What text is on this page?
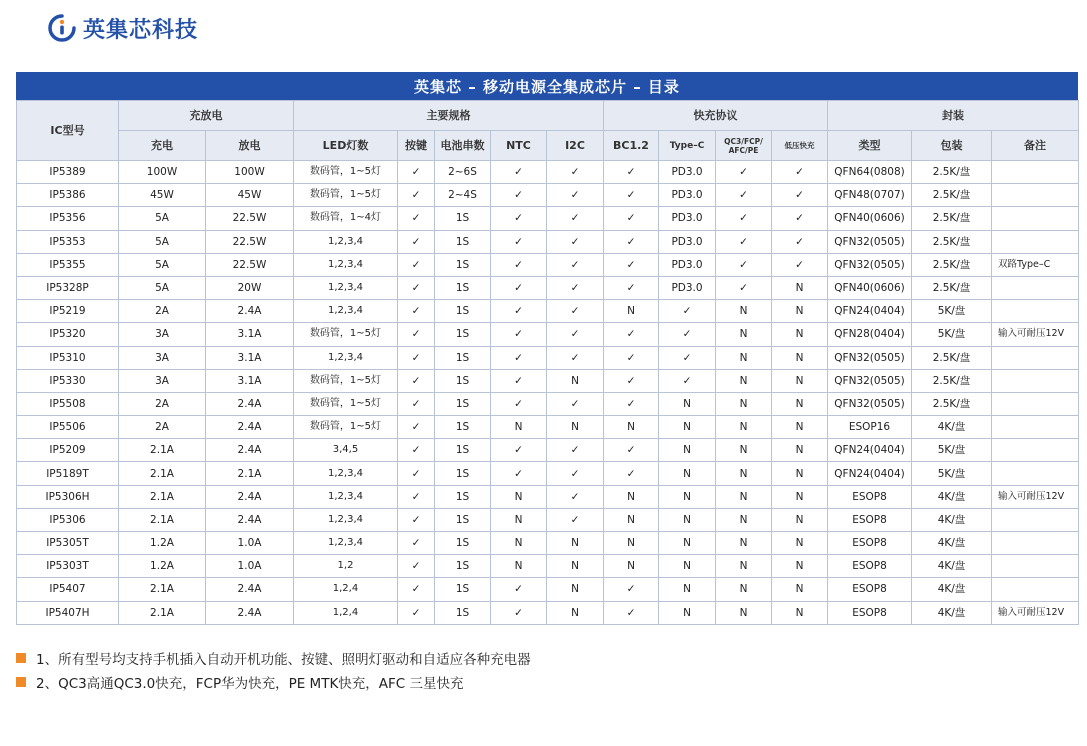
英集芯科技
英集芯 – 移动电源全集成芯片 – 目录
IC型号	充放电		主要规格					快充协议				封装		
	充电	放电	LED灯数	按键	电池串数	NTC	I2C	BC1.2	Type–C	QC3/FCP/ AFC/PE	低压快充	类型	包装	备注
IP5389	100W	100W	数码管，1~5灯	✓	2~6S	✓	✓	✓	PD3.0	✓	✓	QFN64(0808)	2.5K/盘	
IP5386	45W	45W	数码管，1~5灯	✓	2~4S	✓	✓	✓	PD3.0	✓	✓	QFN48(0707)	2.5K/盘	
IP5356	5A	22.5W	数码管，1~4灯	✓	1S	✓	✓	✓	PD3.0	✓	✓	QFN40(0606)	2.5K/盘	
IP5353	5A	22.5W	1,2,3,4	✓	1S	✓	✓	✓	PD3.0	✓	✓	QFN32(0505)	2.5K/盘	
IP5355	5A	22.5W	1,2,3,4	✓	1S	✓	✓	✓	PD3.0	✓	✓	QFN32(0505)	2.5K/盘	双路Type–C
IP5328P	5A	20W	1,2,3,4	✓	1S	✓	✓	✓	PD3.0	✓	N	QFN40(0606)	2.5K/盘	
IP5219	2A	2.4A	1,2,3,4	✓	1S	✓	✓	N	✓	N	N	QFN24(0404)	5K/盘	
IP5320	3A	3.1A	数码管，1~5灯	✓	1S	✓	✓	✓	✓	N	N	QFN28(0404)	5K/盘	输入可耐压12V
IP5310	3A	3.1A	1,2,3,4	✓	1S	✓	✓	✓	✓	N	N	QFN32(0505)	2.5K/盘	
IP5330	3A	3.1A	数码管，1~5灯	✓	1S	✓	N	✓	✓	N	N	QFN32(0505)	2.5K/盘	
IP5508	2A	2.4A	数码管，1~5灯	✓	1S	✓	✓	✓	N	N	N	QFN32(0505)	2.5K/盘	
IP5506	2A	2.4A	数码管，1~5灯	✓	1S	N	N	N	N	N	N	ESOP16	4K/盘	
IP5209	2.1A	2.4A	3,4,5	✓	1S	✓	✓	✓	N	N	N	QFN24(0404)	5K/盘	
IP5189T	2.1A	2.1A	1,2,3,4	✓	1S	✓	✓	✓	N	N	N	QFN24(0404)	5K/盘	
IP5306H	2.1A	2.4A	1,2,3,4	✓	1S	N	✓	N	N	N	N	ESOP8	4K/盘	输入可耐压12V
IP5306	2.1A	2.4A	1,2,3,4	✓	1S	N	✓	N	N	N	N	ESOP8	4K/盘	
IP5305T	1.2A	1.0A	1,2,3,4	✓	1S	N	N	N	N	N	N	ESOP8	4K/盘	
IP5303T	1.2A	1.0A	1,2	✓	1S	N	N	N	N	N	N	ESOP8	4K/盘	
IP5407	2.1A	2.4A	1,2,4	✓	1S	✓	N	✓	N	N	N	ESOP8	4K/盘	
IP5407H	2.1A	2.4A	1,2,4	✓	1S	✓	N	✓	N	N	N	ESOP8	4K/盘	输入可耐压12V
1、所有型号均支持手机插入自动开机功能、按键、照明灯驱动和自适应各种充电器
2、QC3高通QC3.0快充，FCP华为快充，PE MTK快充，AFC 三星快充
